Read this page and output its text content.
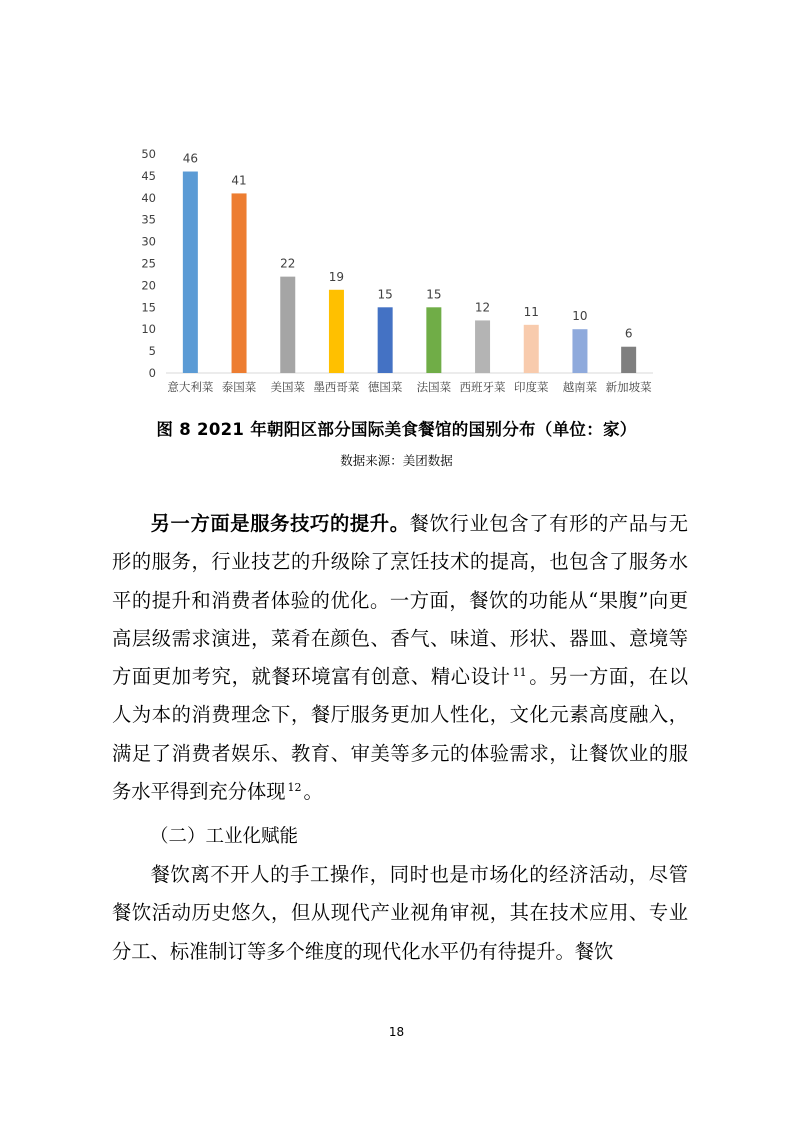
0
5
10
15
20
25
30
35
40
45
50 46
意大利菜
41
泰国菜
22
美国菜
19
墨西哥菜
15
德国菜
15
法国菜
12
西班牙菜
11
印度菜
10
越南菜
6
新加坡菜
图 8 2021 年朝阳区部分国际美食餐馆的国别分布（单位：家）
数据来源：美团数据

另一方面是服务技巧的提升。餐饮行业包含了有形的产品与无形的服务，行业技艺的升级除了烹饪技术的提高，也包含了服务水平的提升和消费者体验的优化。一方面，餐饮的功能从“果腹”向更高层级需求演进，菜肴在颜色、香气、味道、形状、器皿、意境等方面更加考究，就餐环境富有创意、精心设计 $^{11}$ 。另一方面，在以人为本的消费理念下，餐厅服务更加人性化，文化元素高度融入，满足了消费者娱乐、教育、审美等多元的体验需求，让餐饮业的服务水平得到充分体现 $^{12}$ 。

（二）工业化赋能

餐饮离不开人的手工操作，同时也是市场化的经济活动，尽管餐饮活动历史悠久，但从现代产业视角审视，其在技术应用、专业分工、标准制订等多个维度的现代化水平仍有待提升。餐饮

18
